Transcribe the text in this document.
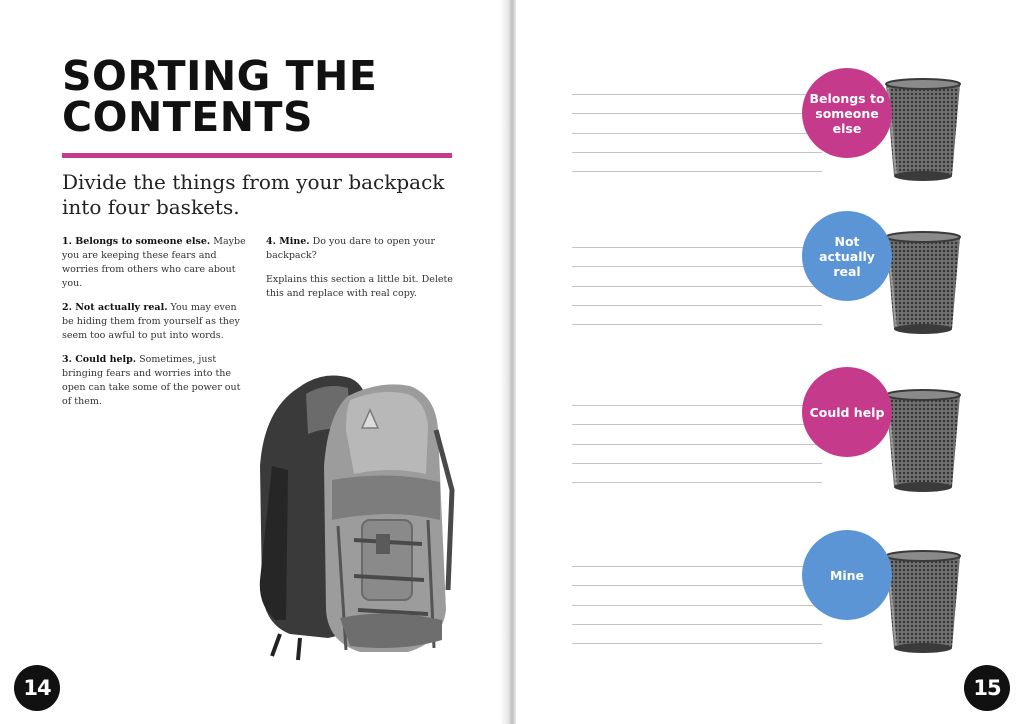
SORTING THE
CONTENTS

Divide the things from your backpack into four baskets.

1. Belongs to someone else. Maybe you are keeping these fears and worries from others who care about you.

2. Not actually real. You may even be hiding them from yourself as they seem too awful to put into words.

3. Could help. Sometimes, just bringing fears and worries into the open can take some of the power out of them.

4. Mine. Do you dare to open your backpack?

Explains this section a little bit. Delete this and replace with real copy.

14
Belongs to someone else
Not actually real
Could help
Mine
15
